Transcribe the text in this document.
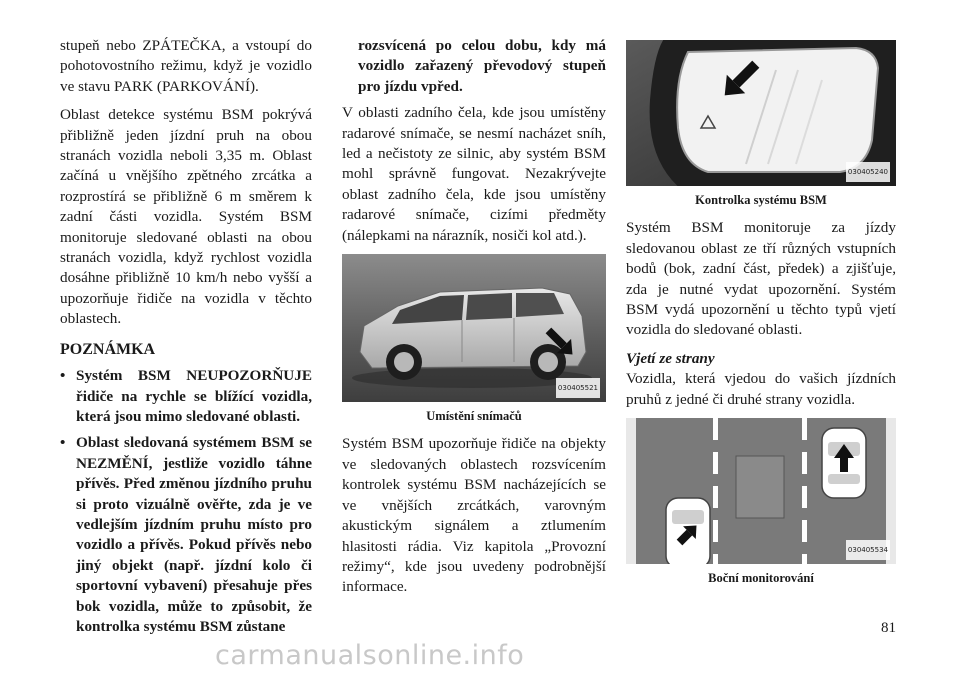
stupeň nebo ZPÁTEČKA, a vstoupí do pohotovostního režimu, když je vozidlo ve stavu PARK (PARKOVÁNÍ).

Oblast detekce systému BSM pokrývá přibližně jeden jízdní pruh na obou stranách vozidla neboli 3,35 m. Oblast začíná u vnějšího zpětného zrcátka a rozprostírá se přibližně 6 m směrem k zadní části vozidla. Systém BSM monitoruje sledované oblasti na obou stranách vozidla, když rychlost vozidla dosáhne přibližně 10 km/h nebo vyšší a upozorňuje řidiče na vozidla v těchto oblastech.

POZNÁMKA
• Systém BSM NEUPOZORŇUJE řidiče na rychle se blížící vozidla, která jsou mimo sledované oblasti.
• Oblast sledovaná systémem BSM se NEZMĚNÍ, jestliže vozidlo táhne přívěs. Před změnou jízdního pruhu si proto vizuálně ověřte, zda je ve vedlejším jízdním pruhu místo pro vozidlo a přívěs. Pokud přívěs nebo jiný objekt (např. jízdní kolo či sportovní vybavení) přesahuje přes bok vozidla, může to způsobit, že kontrolka systému BSM zůstane
rozsvícená po celou dobu, kdy má vozidlo zařazený převodový stupeň pro jízdu vpřed.

V oblasti zadního čela, kde jsou umístěny radarové snímače, se nesmí nacházet sníh, led a nečistoty ze silnic, aby systém BSM mohl správně fungovat. Nezakrývejte oblast zadního čela, kde jsou umístěny radarové snímače, cizími předměty (nálepkami na nárazník, nosiči kol atd.).

030405521
Umístění snímačů

Systém BSM upozorňuje řidiče na objekty ve sledovaných oblastech rozsvícením kontrolek systému BSM nacházejících se ve vnějších zrcátkách, varovným akustickým signálem a ztlumením hlasitosti rádia. Viz kapitola „Provozní režimy“, kde jsou uvedeny podrobnější informace.

030405240
Kontrolka systému BSM

Systém BSM monitoruje za jízdy sledovanou oblast ze tří různých vstupních bodů (bok, zadní část, předek) a zjišťuje, zda je nutné vydat upozornění. Systém BSM vydá upozornění u těchto typů vjetí vozidla do sledované oblasti.

Vjetí ze strany

Vozidla, která vjedou do vašich jízdních pruhů z jedné či druhé strany vozidla.

030405534
Boční monitorování
81
carmanualsonline.info
